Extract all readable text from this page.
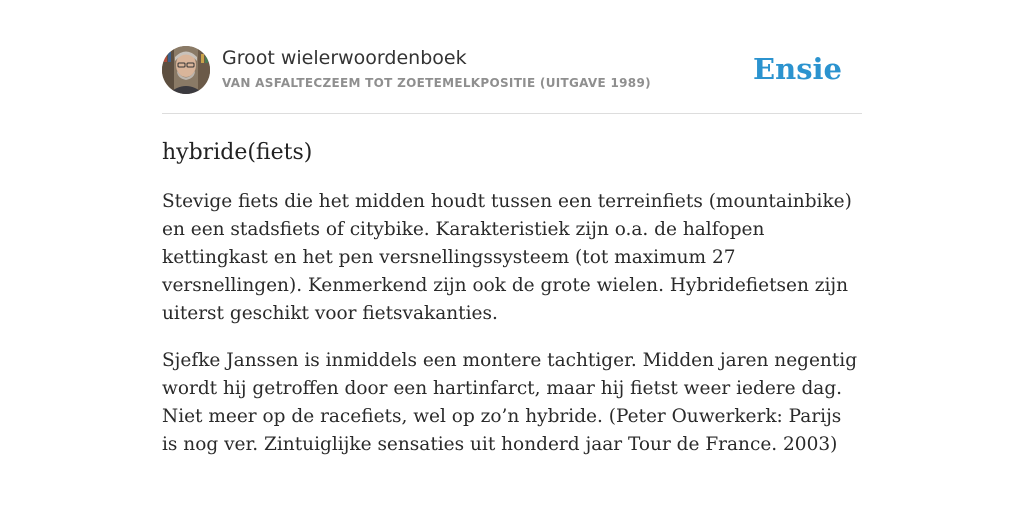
Groot wielerwoordenboek
VAN ASFALTECZEEM TOT ZOETEMELKPOSITIE (UITGAVE 1989)	Ensie
hybride(fiets)

Stevige fiets die het midden houdt tussen een terreinfiets (mountainbike) en een stadsfiets of citybike. Karakteristiek zijn o.a. de halfopen kettingkast en het pen versnellingssysteem (tot maximum 27 versnellingen). Kenmerkend zijn ook de grote wielen. Hybridefietsen zijn uiterst geschikt voor fietsvakanties.

Sjefke Janssen is inmiddels een montere tachtiger. Midden jaren negentig wordt hij getroffen door een hartinfarct, maar hij fietst weer iedere dag. Niet meer op de racefiets, wel op zo’n hybride. (Peter Ouwerkerk: Parijs is nog ver. Zintuiglijke sensaties uit honderd jaar Tour de France. 2003)
